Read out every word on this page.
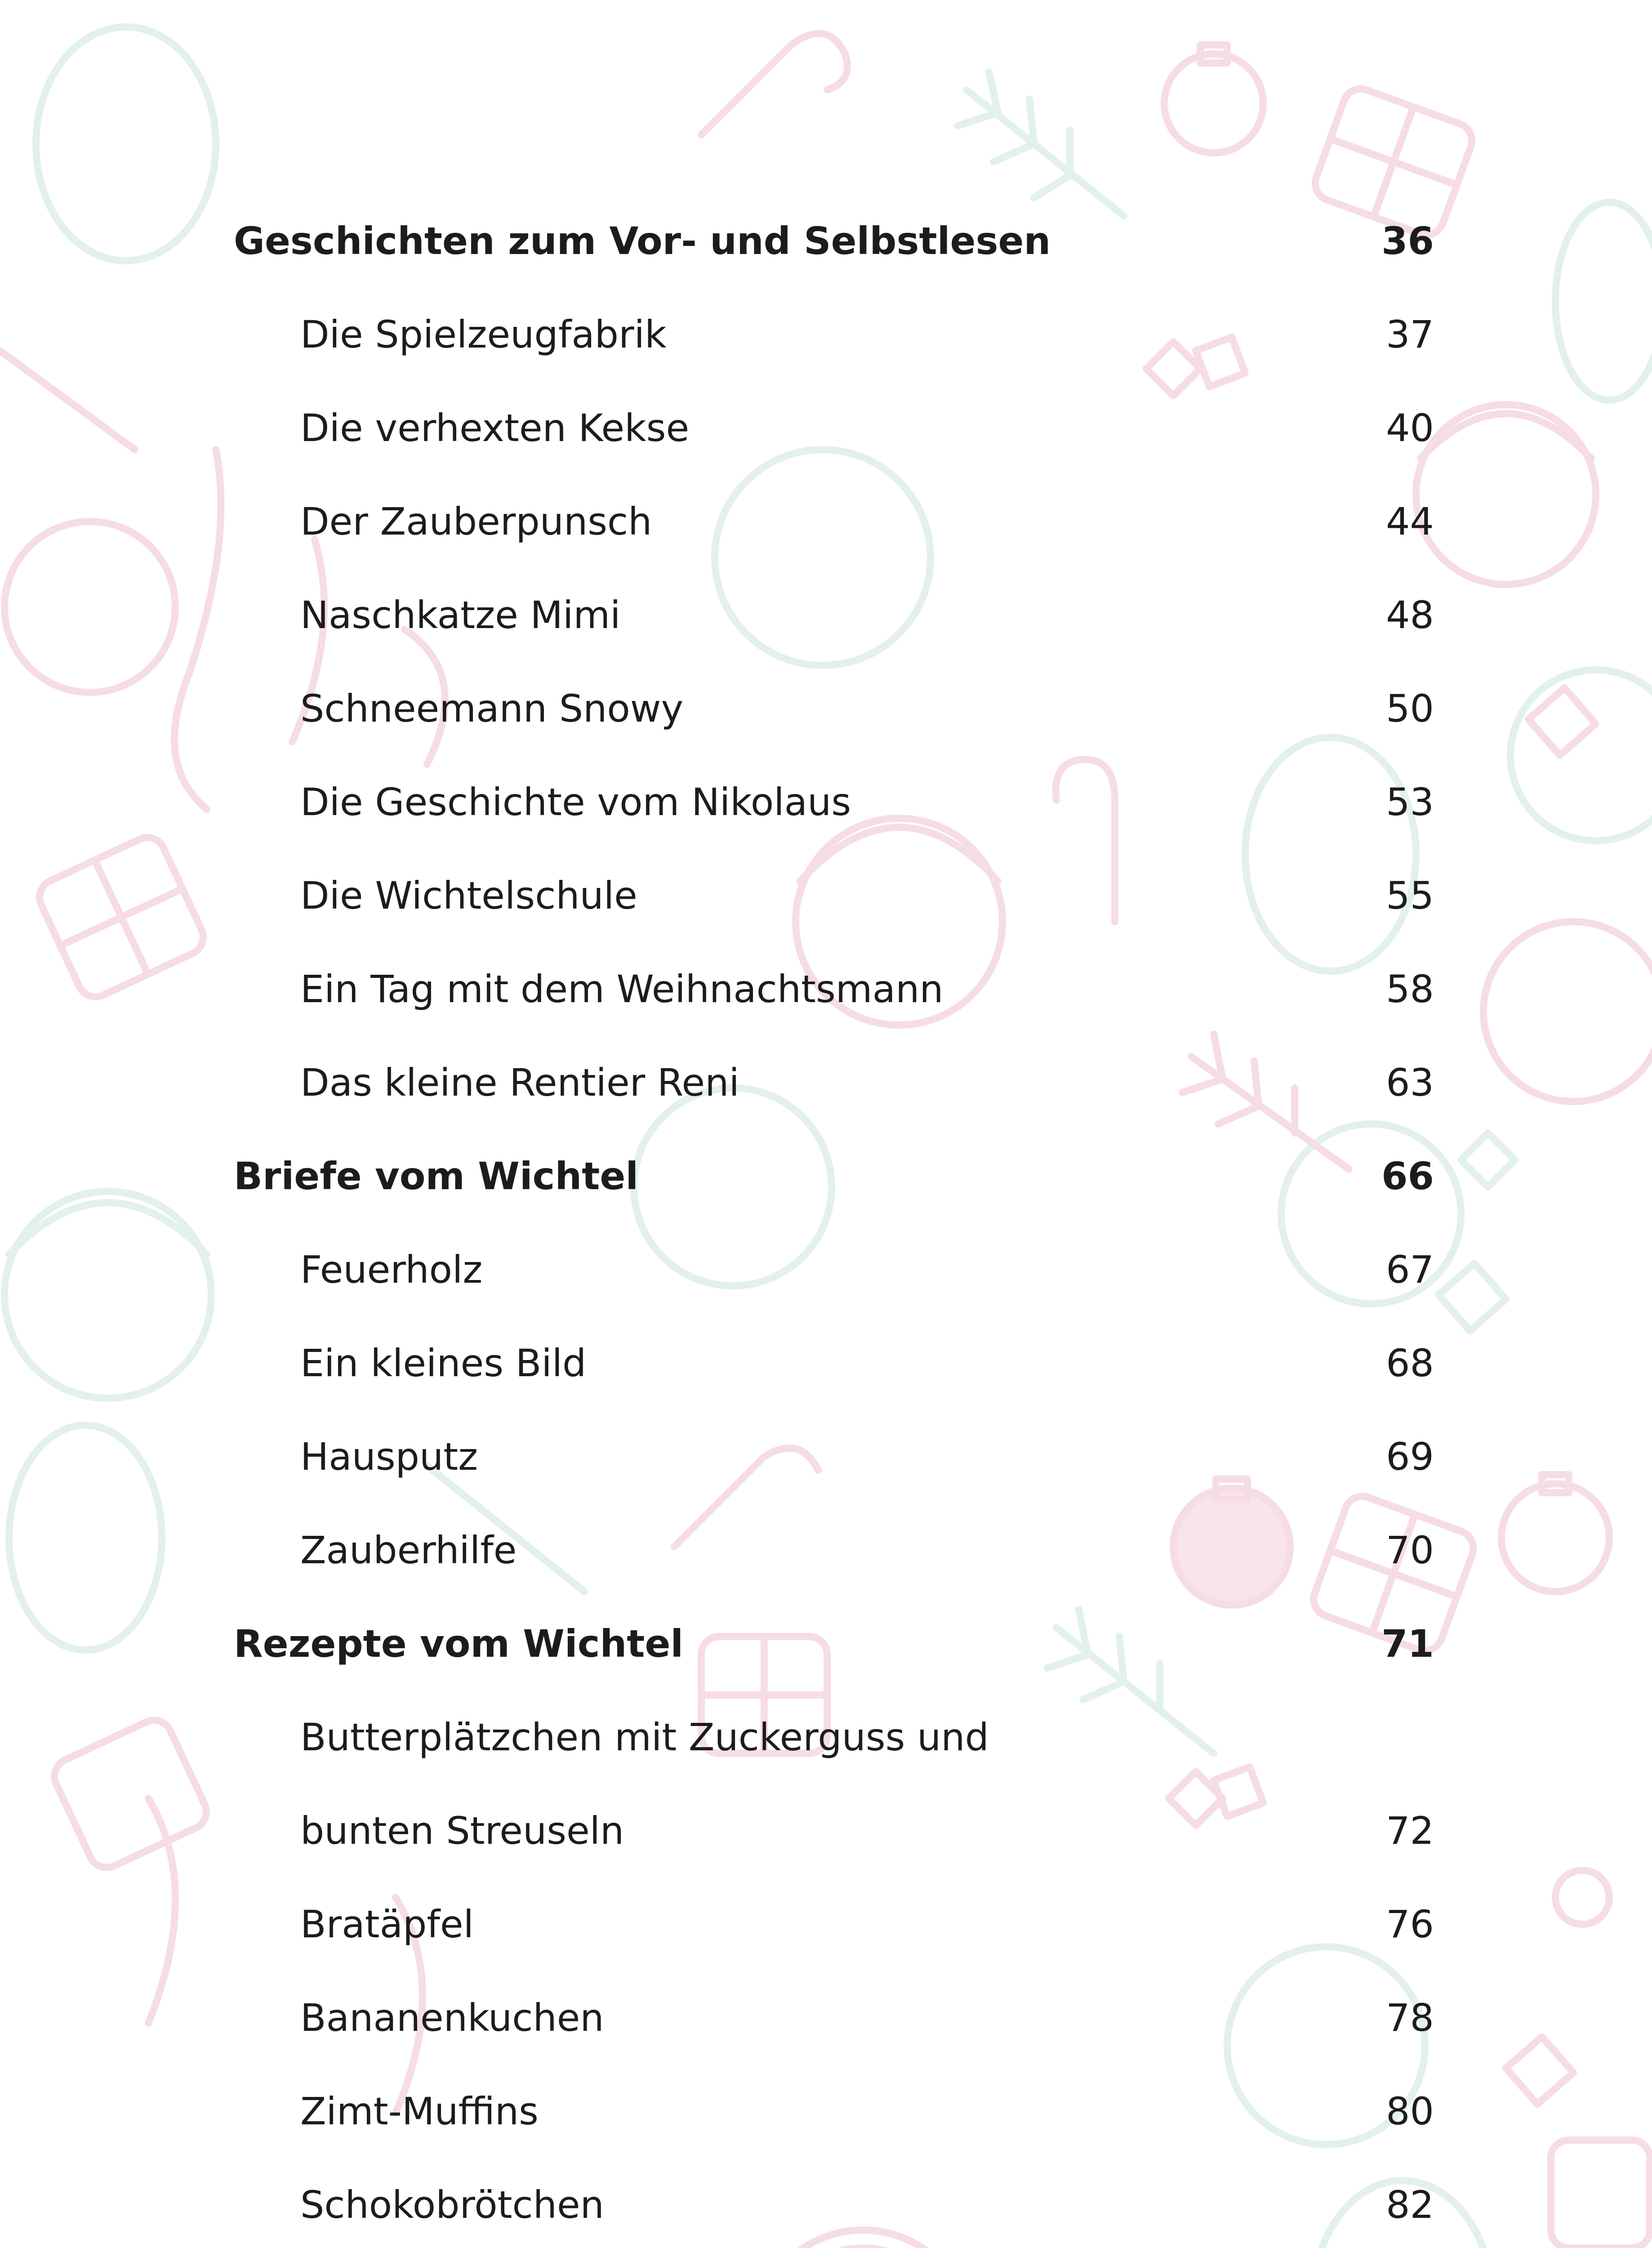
Geschichten zum Vor- und Selbstlesen	36
Die Spielzeugfabrik	37
Die verhexten Kekse	40
Der Zauberpunsch	44
Naschkatze Mimi	48
Schneemann Snowy	50
Die Geschichte vom Nikolaus	53
Die Wichtelschule	55
Ein Tag mit dem Weihnachtsmann	58
Das kleine Rentier Reni	63
Briefe vom Wichtel	66
Feuerholz	67
Ein kleines Bild	68
Hausputz	69
Zauberhilfe	70
Rezepte vom Wichtel	71
Butterplätzchen mit Zuckerguss und
bunten Streuseln	72
Bratäpfel	76
Bananenkuchen	78
Zimt-Muffins	80
Schokobrötchen	82
